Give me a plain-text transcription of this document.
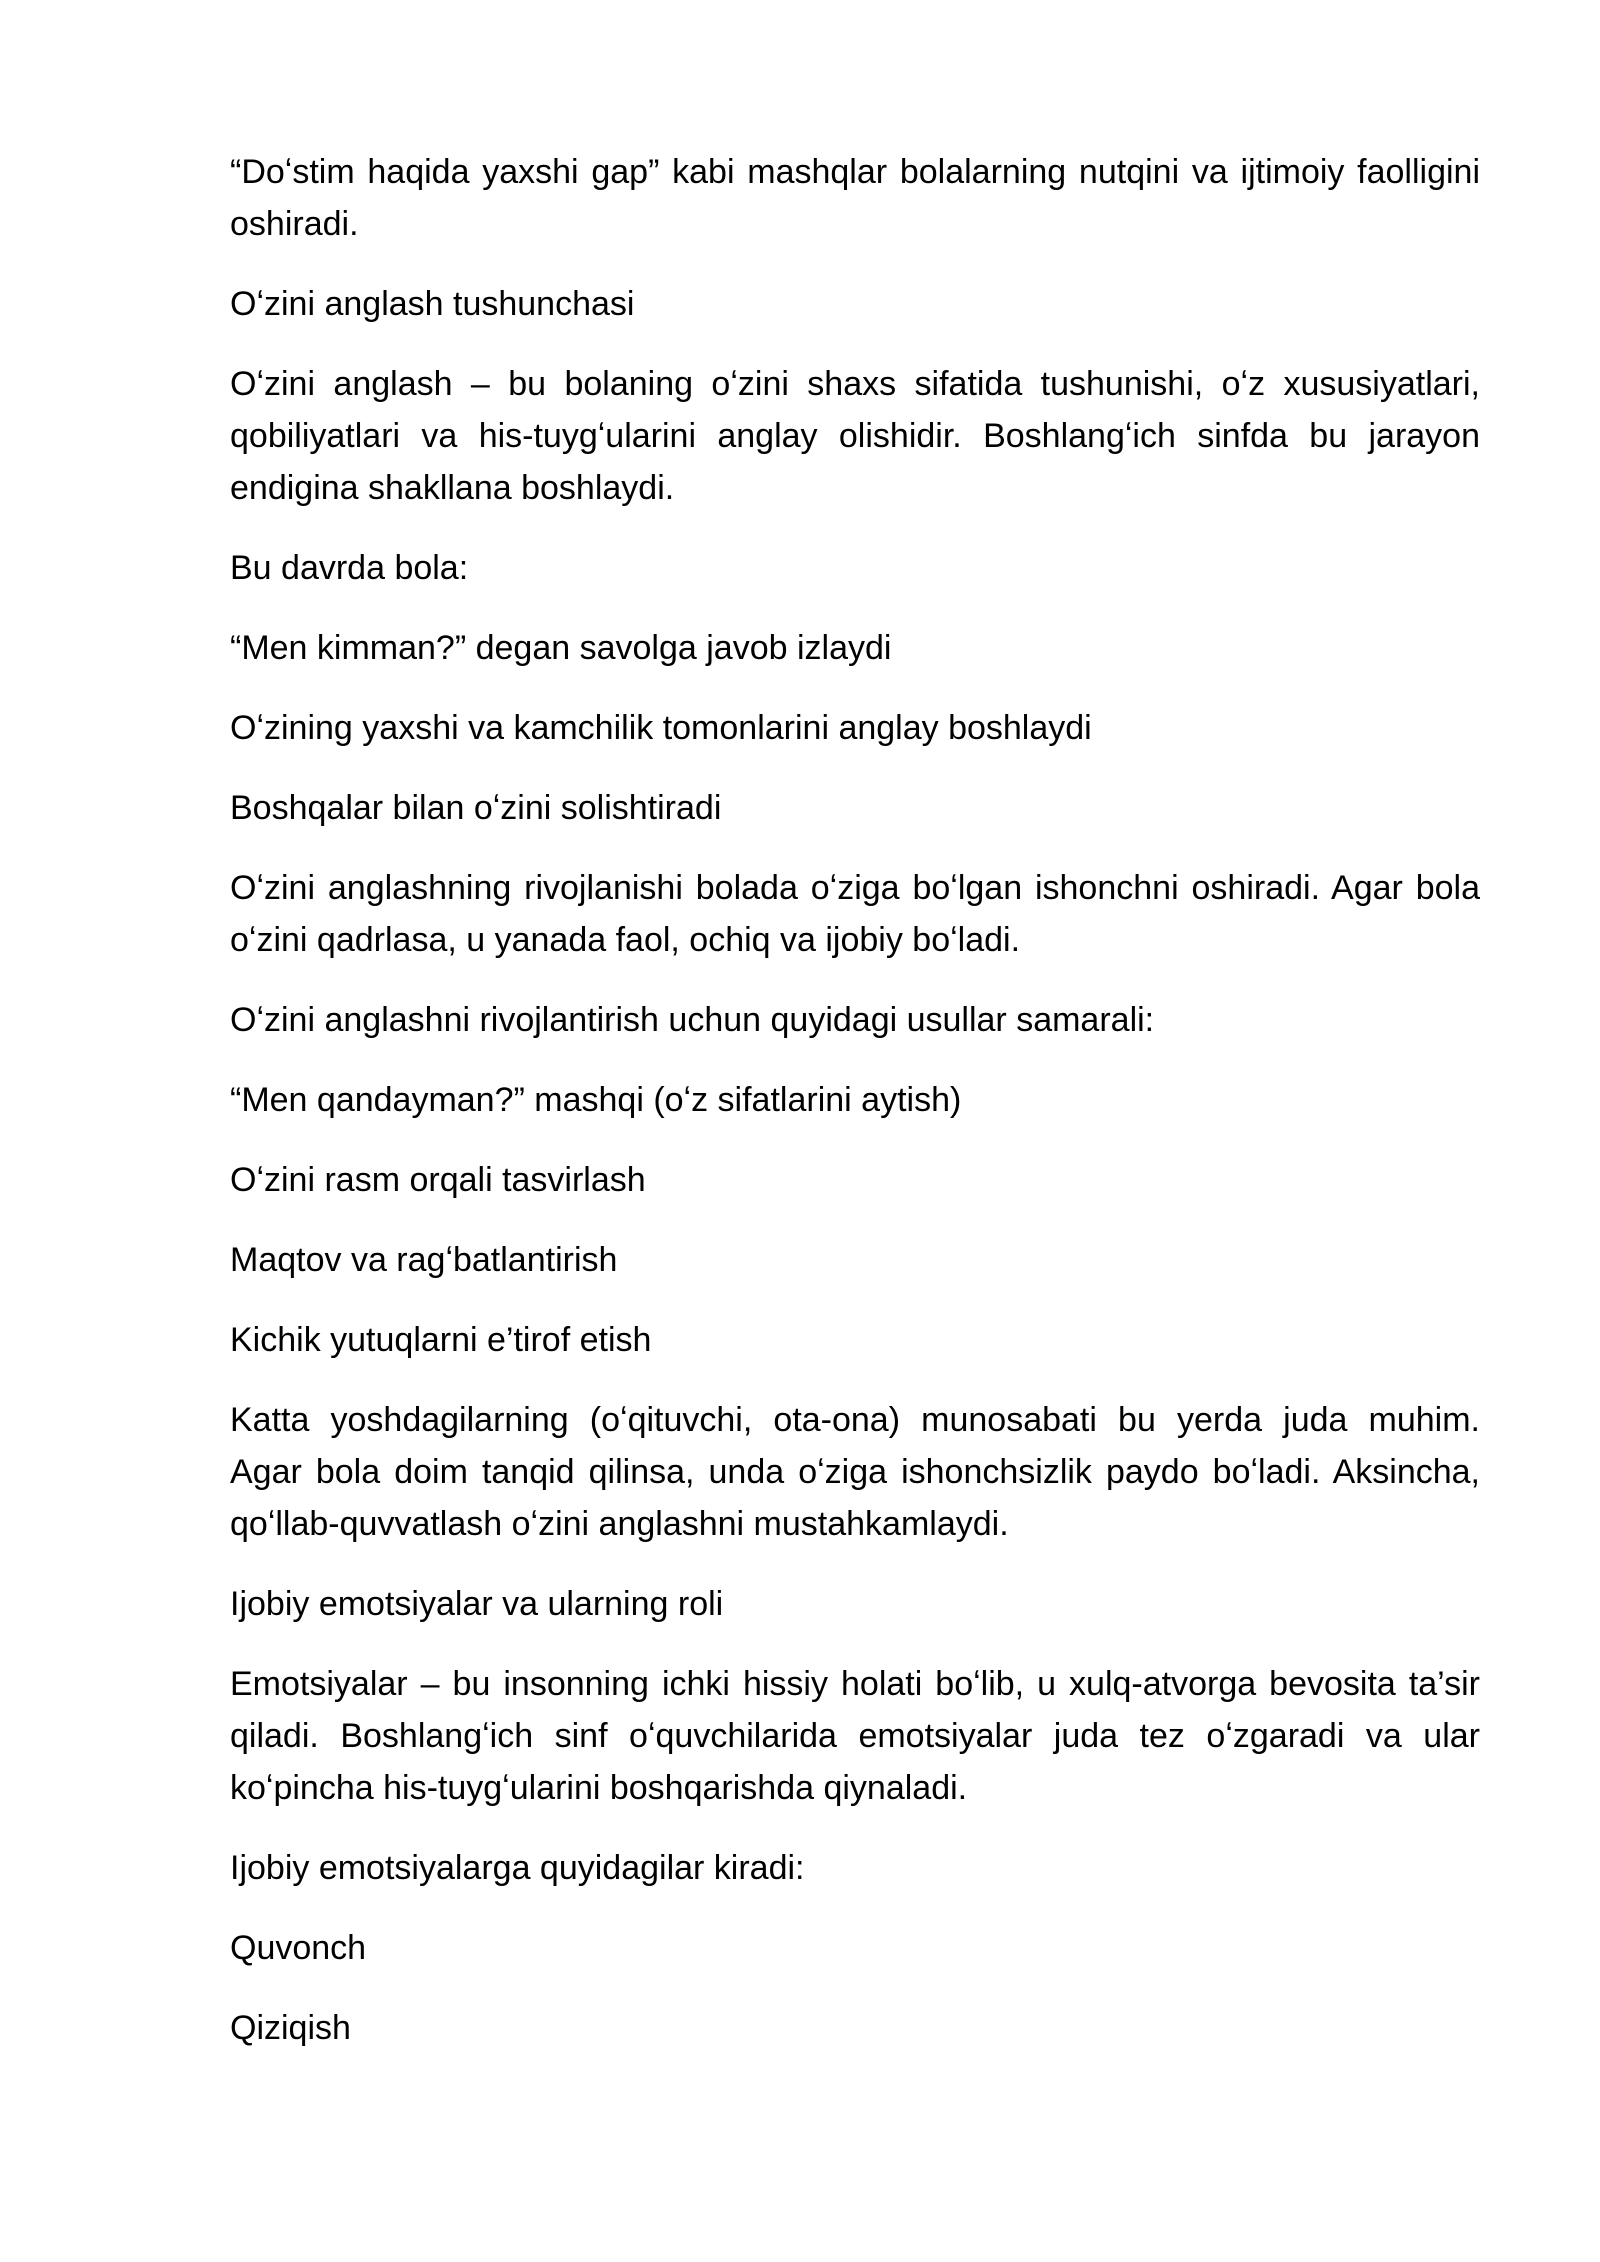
“Doʻstim haqida yaxshi gap” kabi mashqlar bolalarning nutqini va ijtimoiy faolligini
oshiradi.

Oʻzini anglash tushunchasi

Oʻzini anglash – bu bolaning oʻzini shaxs sifatida tushunishi, oʻz xususiyatlari,
qobiliyatlari va his-tuygʻularini anglay olishidir. Boshlangʻich sinfda bu jarayon
endigina shakllana boshlaydi.

Bu davrda bola:

“Men kimman?” degan savolga javob izlaydi

Oʻzining yaxshi va kamchilik tomonlarini anglay boshlaydi

Boshqalar bilan oʻzini solishtiradi

Oʻzini anglashning rivojlanishi bolada oʻziga boʻlgan ishonchni oshiradi. Agar bola
oʻzini qadrlasa, u yanada faol, ochiq va ijobiy boʻladi.

Oʻzini anglashni rivojlantirish uchun quyidagi usullar samarali:

“Men qandayman?” mashqi (oʻz sifatlarini aytish)

Oʻzini rasm orqali tasvirlash

Maqtov va ragʻbatlantirish

Kichik yutuqlarni e’tirof etish

Katta yoshdagilarning (oʻqituvchi, ota-ona) munosabati bu yerda juda muhim.
Agar bola doim tanqid qilinsa, unda oʻziga ishonchsizlik paydo boʻladi. Aksincha,
qoʻllab-quvvatlash oʻzini anglashni mustahkamlaydi.

Ijobiy emotsiyalar va ularning roli

Emotsiyalar – bu insonning ichki hissiy holati boʻlib, u xulq-atvorga bevosita ta’sir
qiladi. Boshlangʻich sinf oʻquvchilarida emotsiyalar juda tez oʻzgaradi va ular
koʻpincha his-tuygʻularini boshqarishda qiynaladi.

Ijobiy emotsiyalarga quyidagilar kiradi:

Quvonch

Qiziqish
